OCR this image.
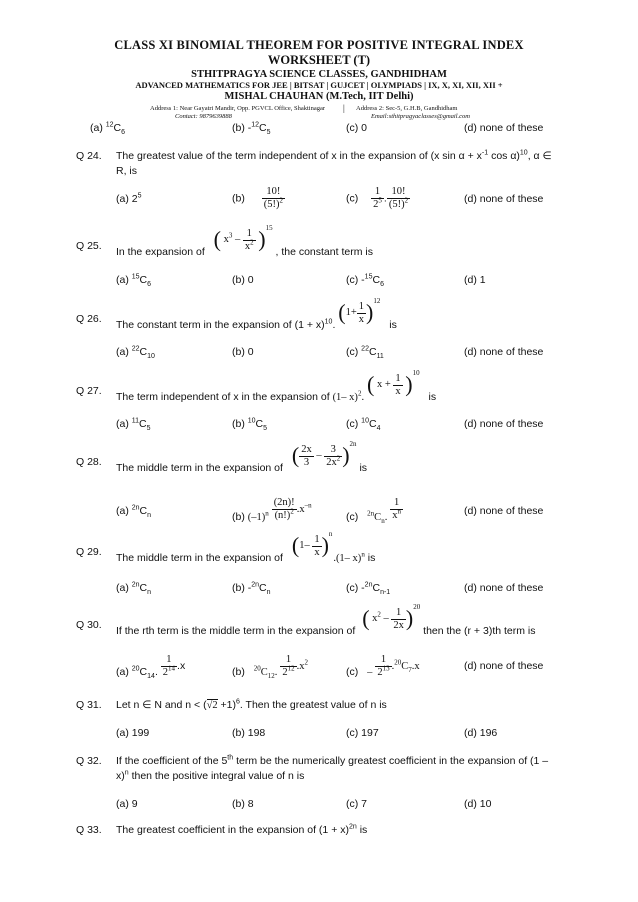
CLASS XI BINOMIAL THEOREM FOR POSITIVE INTEGRAL INDEX
WORKSHEET (T)
STHITPRAGYA SCIENCE CLASSES, GANDHIDHAM
ADVANCED MATHEMATICS FOR JEE | BITSAT | GUJCET | OLYMPIADS | IX, X, XI, XII, XII +
MISHAL CHAUHAN (M.Tech, IIT Delhi)
Address 1: Near Gayatri Mandir, Opp. PGVCL Office, Shaktinagar | Address 2: Sec-5, G.H.B, Gandhidham
Contact: 9879639888	Email:sthitpragyaclasses@gmail.com
(a) $^{12}C_6$	(b) $-^{12}C_5$	(c) 0	(d) none of these
Q 24. The greatest value of the term independent of x in the expansion of (x $\sin \alpha + x^{-1}$ cos α)$^{10}$, α ∈
R, is
(a) $2^5$	$(b) \frac{10!}{(5!)^2}$	$(c) \frac{1}{2^5}$ . $\frac{10!}{(5!)^2}$	(d) none of these
Q 25.
In the expansion of ( $x^3 - \frac{1}{x^2} )^{15}$ , the constant term is
(a) $^{15}C_6$	(b) 0	(c) $-^{15}C_6$	(d) 1
Q 26.
The constant term in the expansion of $(1 + x)^{10}$. $(1+ \frac{1}{x} )^{12}$ is
(a) $^{22}C_{10}$	(b) 0	(c) $^{22}C_{11}$	(d) none of these
Q 27.
The term independent of x in the expansion of (1– x)$^2$. ( $x + \frac{1}{x} )^{10}$ is
(a) $^{11}C_5$	(b) $^{10}C_5$	(c) $^{10}C_4$	(d) none of these
Q 28.
The middle term in the expansion of ( $\frac{2x}{3} - \frac{3}{2x^2} )^{2n}$ is
(a) $^{2n}C_n$	(b) $(-1)^n \frac{(2n)!}{(n!)^2} .x^{-n}$
(c) $^{2n}C_n$. $\frac{1}{x^n}$	(d) none of these
Q 29.
The middle term in the expansion of $(1- \frac{1}{x} )^n$ .(1– x)$^n$ is
(a) $^{2n}C_n$	(b) $-^{2n}C_n$	(c) $-^{2n}C_{n-1}$	(d) none of these
Q 30.
If the rth term is the middle term in the expansion of ( $x^2 - \frac{1}{2x} )^{20}$ then the (r + 3)th term is
(a) $^{20}C_{14}$. $\frac{1}{2^{14}} .x$	(b) $^{20}C_{12}$. $\frac{1}{2^{12}} .x^2$
$(c) - \frac{1}{2^{13}} .^{20}C_7.x$	(d) none of these
Q 31. Let n ∈ N and $n < (√2 +1)^6$. Then the greatest value of n is
(a) 199	(b) 198	(c) 197	(d) 196
Q 32. If the coefficient of the 5th term be the numerically greatest coefficient in the expansion of (1 –
x)$^n$ then the positive integral value of n is
(a) 9	(b) 8	(c) 7	(d) 10
Q 33. The greatest coefficient in the expansion of $(1 + x)^{2n}$ is
